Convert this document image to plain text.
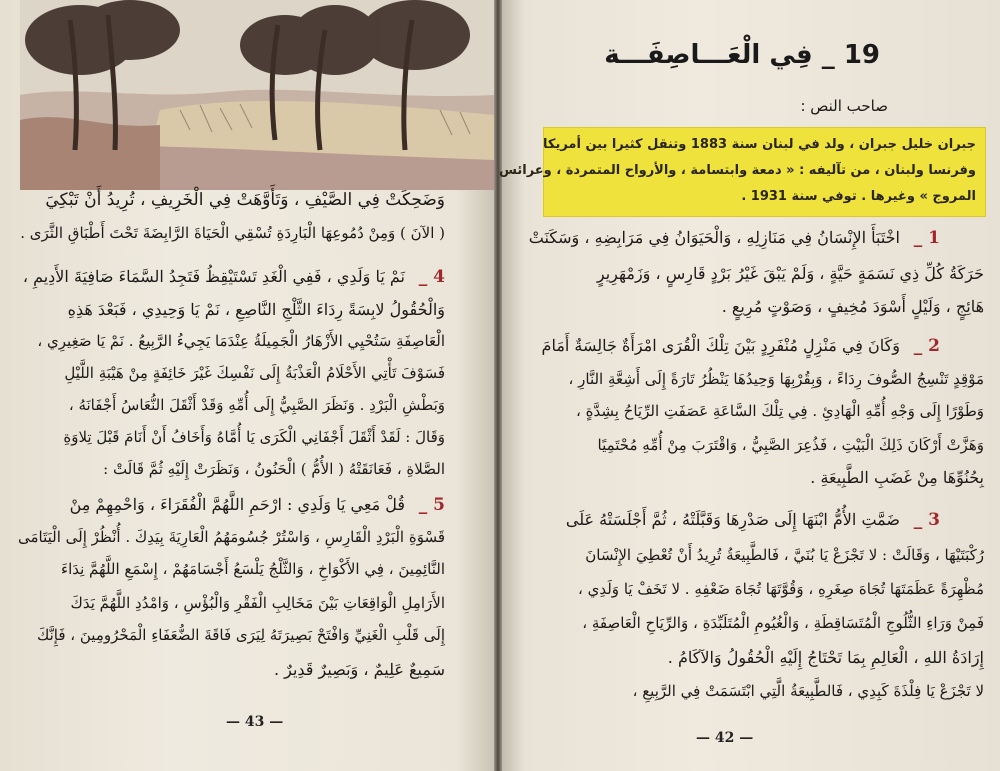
وَضَحِكَتْ فِي الصَّيْفِ ، وَتَأَوَّهَتْ فِي الْخَرِيفِ ، تُرِيدُ أَنْ تَبْكِيَ
( الآنَ ) وَمِنْ دُمُوعِهَا الْبَارِدَةِ تُسْقِي الْحَيَاةَ الرَّابِضَةَ تَحْتَ أَطْبَاقِ الثَّرَى .
4 _
نَمْ يَا وَلَدِي ، فَفِي الْغَدِ تَسْتَيْقِظُ فَتَجِدُ السَّمَاءَ صَافِيَةَ الأَدِيمِ ،
وَالْحُقُولُ لابِسَةً رِدَاءَ الثَّلْجِ النَّاصِعِ ، نَمْ يَا وَحِيدِي ، فَبَعْدَ هَذِهِ
الْعَاصِفَةِ سَتُحْيِي الأَزْهَارُ الْجَمِيلَةُ عِنْدَمَا يَجِيءُ الرَّبِيعُ . نَمْ يَا صَغِيرِي ،
فَسَوْفَ تَأْتِي الأَحْلَامُ الْعَذْبَةُ إِلَى نَفْسِكَ غَيْرَ خَائِفَةٍ مِنْ هَيْبَةِ اللَّيْلِ
وَبَطْشِ الْبَرْدِ . وَنَظَرَ الصَّبِيُّ إِلَى أُمِّهِ وَقَدْ أَثْقَلَ النُّعَاسُ أَجْفَانَهُ ،
وَقَالَ : لَقَدْ أَثْقَلَ أَجْفَانِي الْكَرَى يَا أُمَّاهُ وَأَخَافُ أَنْ أَنَامَ قَبْلَ تِلاوَةِ
الصَّلاةِ ، فَعَانَقَتْهُ ( الأُمُّ ) الْحَنُونُ ، وَنَظَرَتْ إِلَيْهِ ثُمَّ قَالَتْ :
5 _
قُلْ مَعِي يَا وَلَدِي : ارْحَمِ اللَّهُمَّ الْفُقَرَاءَ ، وَاحْمِهِمْ مِنْ
قَسْوَةِ الْبَرْدِ الْقَارِسِ ، وَاسْتُرْ جُسُومَهُمُ الْعَارِيَةَ بِيَدِكَ . أُنْظُرْ إِلَى الْيَتَامَى
النَّائِمِينَ ، فِي الأَكْوَاخِ ، وَالثَّلْجُ يَلْسَعُ أَجْسَامَهُمْ ، إِسْمَعِ اللَّهُمَّ نِدَاءَ
الأَرَامِلِ الْوَاقِعَاتِ بَيْنَ مَخَالِبِ الْفَقْرِ وَالْبُؤْسِ ، وَامْدُدِ اللَّهُمَّ يَدَكَ
إِلَى قَلْبِ الْغَنِيِّ وَافْتَحْ بَصِيرَتَهُ لِيَرَى فَاقَةَ الضُّعَفَاءِ الْمَحْرُومِينَ ، فَإِنَّكَ
سَمِيعٌ عَلِيمٌ ، وَبَصِيرٌ قَدِيرٌ .
— 43 —
19 _ فِي الْعَـــاصِفَـــة
صاحب النص :
جبران خليل جبران ، ولد في لبنان سنة 1883 وتنقل كثيرا بين أمريكا
وفرنسا ولبنان ، من تآليفه : « دمعة وابتسامة ، والأرواح المتمردة ، وعرائس
المروج » وغيرها . توفي سنة 1931 .
1 _
اخْتَبَأَ الإِنْسَانُ فِي مَنَازِلِهِ ، وَالْحَيَوَانُ فِي مَرَابِضِهِ ، وَسَكَنَتْ
حَرَكَةُ كُلِّ ذِي نَسَمَةٍ حَيَّةٍ ، وَلَمْ يَبْقَ غَيْرُ بَرْدٍ قَارِسٍ ، وَزَمْهَرِيرٍ
هَائِجٍ ، وَلَيْلٍ أَسْوَدَ مُخِيفٍ ، وَصَوْتٍ مُرِيعٍ .
2 _
وَكَانَ فِي مَنْزِلٍ مُنْفَرِدٍ بَيْنَ تِلْكَ الْقُرَى امْرَأَةٌ جَالِسَةٌ أَمَامَ
مَوْقِدٍ تَنْسِجُ الصُّوفَ رِدَاءً ، وَبِقُرْبِهَا وَحِيدُهَا يَنْظُرُ تَارَةً إِلَى أَشِعَّةِ النَّارِ ،
وَطَوْرًا إِلَى وَجْهِ أُمِّهِ الْهَادِئِ . فِي تِلْكَ السَّاعَةِ عَصَفَتِ الرِّيَاحُ بِشِدَّةٍ ،
وَهَزَّتْ أَرْكَانَ ذَلِكَ الْبَيْتِ ، فَذُعِرَ الصَّبِيُّ ، وَاقْتَرَبَ مِنْ أُمِّهِ مُحْتَمِيًا
بِحُنُوِّهَا مِنْ غَضَبِ الطَّبِيعَةِ .
3 _
ضَمَّتِ الأُمُّ ابْنَهَا إِلَى صَدْرِهَا وَقَبَّلَتْهُ ، ثُمَّ أَجْلَسَتْهُ عَلَى
رُكْبَتَيْهَا ، وَقَالَتْ : لا تَجْزَعْ يَا بُنَيَّ ، فَالطَّبِيعَةُ تُرِيدُ أَنْ تُعْطِيَ الإِنْسَانَ
مُظْهِرَةً عَظَمَتَهَا تُجَاهَ صِغَرِهِ ، وَقُوَّتَهَا تُجَاهَ ضَعْفِهِ . لا تَخَفْ يَا وَلَدِي ،
فَمِنْ وَرَاءِ الثُّلُوجِ الْمُتَسَاقِطَةِ ، وَالْغُيُومِ الْمُتَلَبِّدَةِ ، وَالرِّيَاحِ الْعَاصِفَةِ ،
إِرَادَةُ اللهِ ، الْعَالِمِ بِمَا تَحْتَاجُ إِلَيْهِ الْحُقُولُ وَالآكَامُ .
لا تَجْزَعْ يَا فِلْذَةَ كَبِدِي ، فَالطَّبِيعَةُ الَّتِي ابْتَسَمَتْ فِي الرَّبِيعِ ،
— 42 —
